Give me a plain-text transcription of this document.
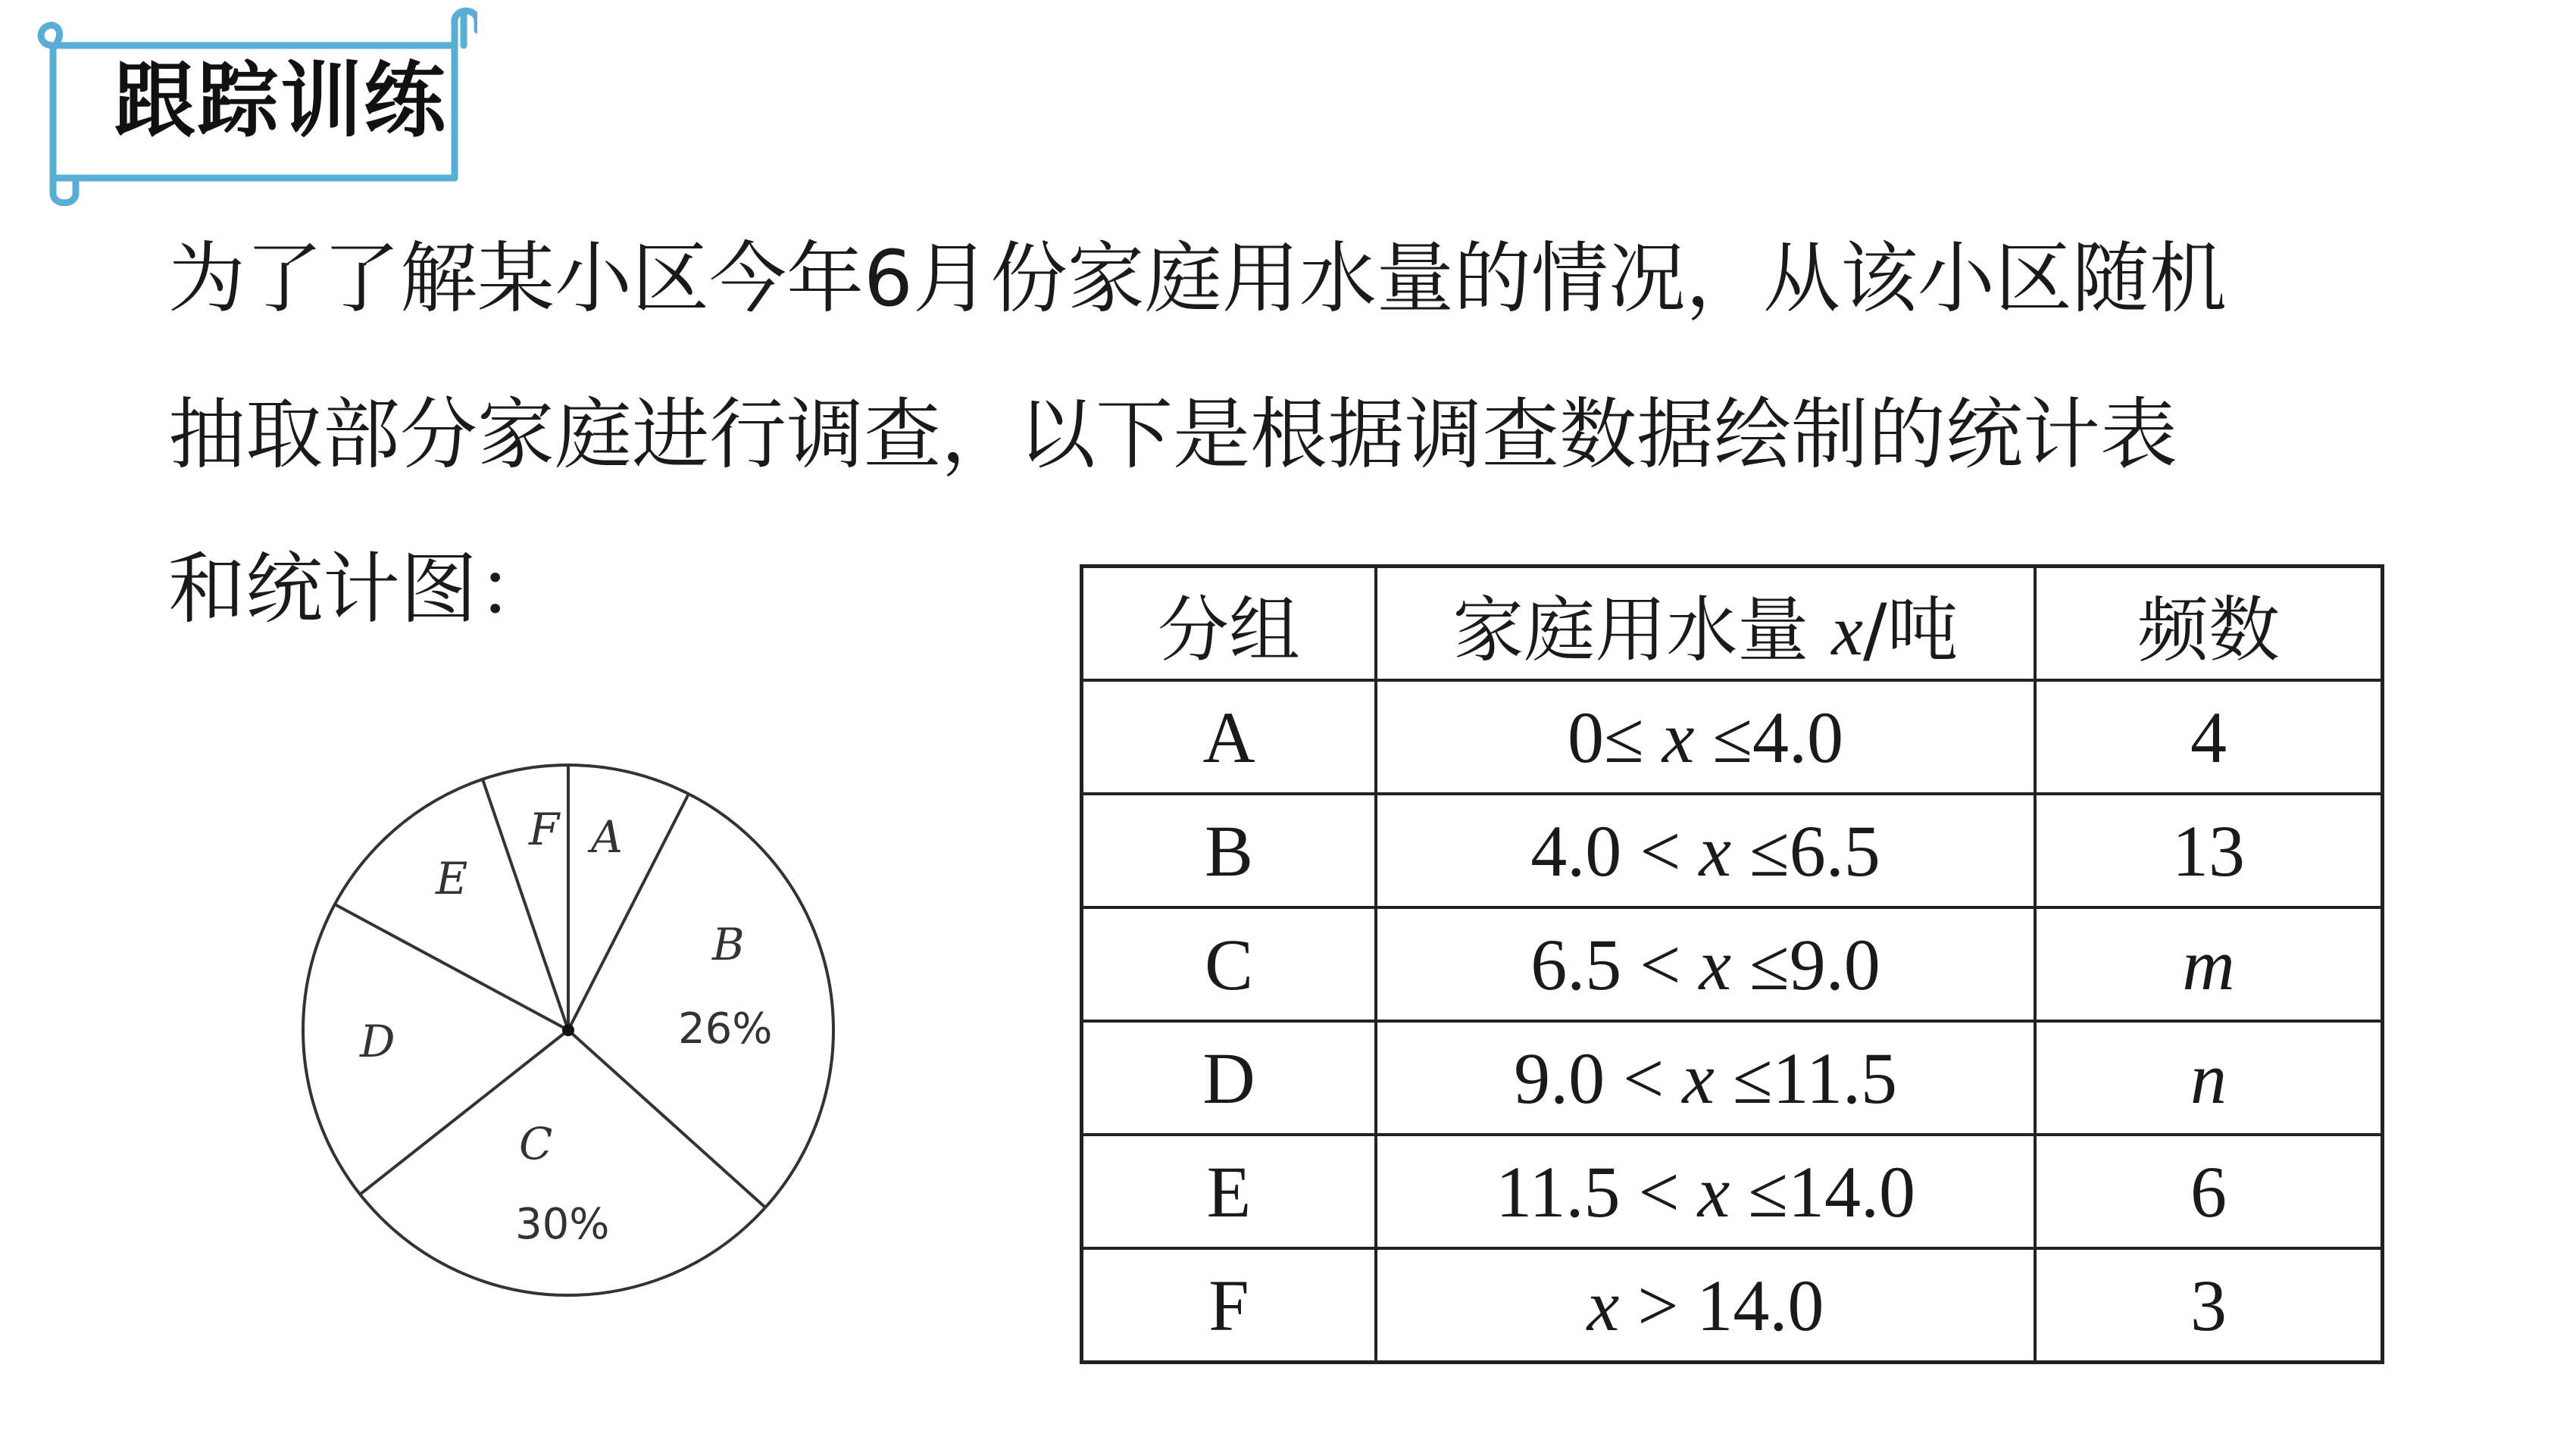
跟踪训练
为了了解某小区今年6月份家庭用水量的情况，从该小区随机
抽取部分家庭进行调查，以下是根据调查数据绘制的统计表
和统计图：
F A
B
26%
E
D
C
30%
分组	家庭用水量 x/吨	频数
A	0≤ x ≤4.0	4
B	4.0 < x ≤6.5	13
C	6.5 < x ≤9.0	m
D	9.0 < x ≤11.5	n
E	11.5 < x ≤14.0	6
F	x > 14.0	3
